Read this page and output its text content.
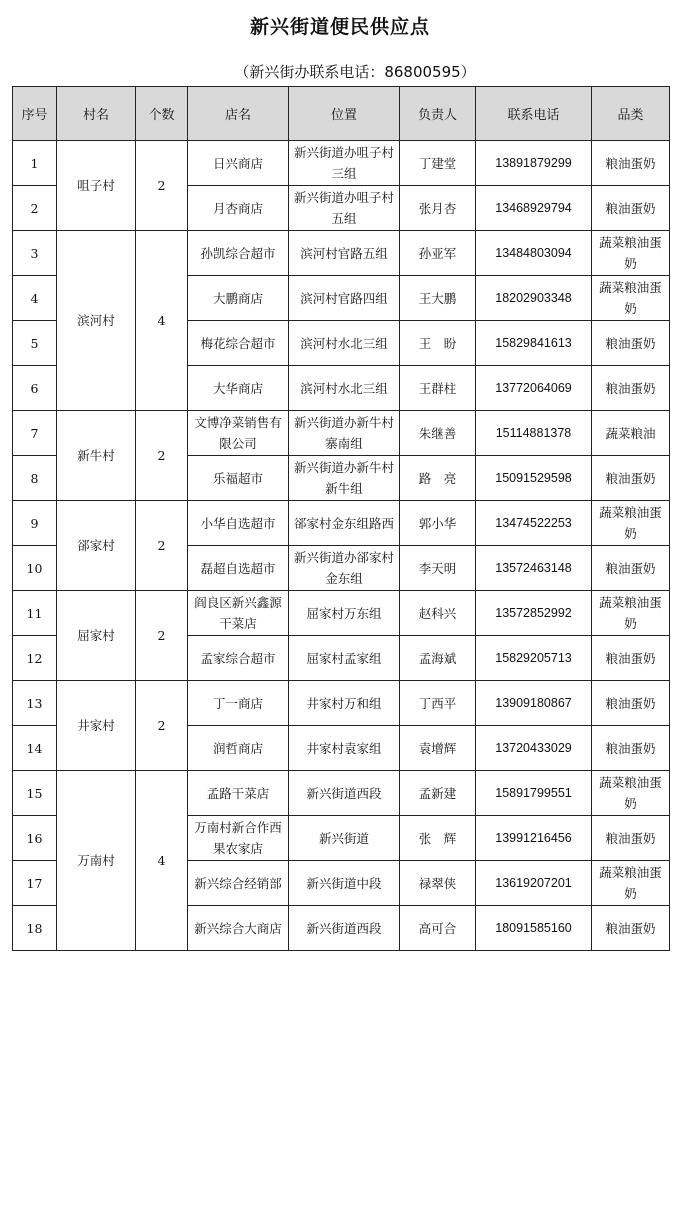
新兴街道便民供应点
（新兴街办联系电话：86800595）
序号	村名	个数	店名	位置	负责人	联系电话	品类
1	咀子村	2	日兴商店	新兴街道办咀子村三组	丁建堂	13891879299	粮油蛋奶
2			月杏商店	新兴街道办咀子村五组	张月杏	13468929794	粮油蛋奶
3	滨河村	4	孙凯综合超市	滨河村官路五组	孙亚军	13484803094	蔬菜粮油蛋奶
4			大鹏商店	滨河村官路四组	王大鹏	18202903348	蔬菜粮油蛋奶
5			梅花综合超市	滨河村水北三组	王　盼	15829841613	粮油蛋奶
6			大华商店	滨河村水北三组	王群柱	13772064069	粮油蛋奶
7	新牛村	2	文博净菜销售有限公司	新兴街道办新牛村寨南组	朱继善	15114881378	蔬菜粮油
8			乐福超市	新兴街道办新牛村新牛组	路　亮	15091529598	粮油蛋奶
9	郤家村	2	小华自选超市	郤家村金东组路西	郭小华	13474522253	蔬菜粮油蛋奶
10			磊超自选超市	新兴街道办郤家村金东组	李天明	13572463148	粮油蛋奶
11	屈家村	2	阎良区新兴鑫源干菜店	屈家村万东组	赵科兴	13572852992	蔬菜粮油蛋奶
12			孟家综合超市	屈家村孟家组	孟海斌	15829205713	粮油蛋奶
13	井家村	2	丁一商店	井家村万和组	丁西平	13909180867	粮油蛋奶
14			润哲商店	井家村袁家组	袁增辉	13720433029	粮油蛋奶
15	万南村	4	孟路干菜店	新兴街道西段	孟新建	15891799551	蔬菜粮油蛋奶
16			万南村新合作西果农家店	新兴街道	张　辉	13991216456	粮油蛋奶
17			新兴综合经销部	新兴街道中段	禄翠侠	13619207201	蔬菜粮油蛋奶
18			新兴综合大商店	新兴街道西段	高可合	18091585160	粮油蛋奶
